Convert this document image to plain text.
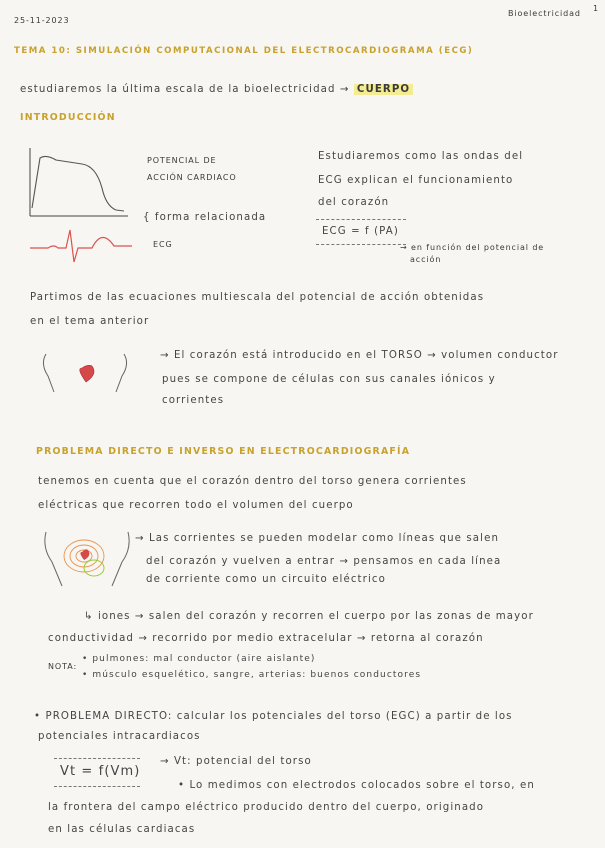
25-11-2023
Bioelectricidad
1
TEMA 10: SIMULACIÓN COMPUTACIONAL DEL ELECTROCARDIOGRAMA (ECG)
estudiaremos la última escala de la bioelectricidad → CUERPO
INTRODUCCIÓN
POTENCIAL DE
ACCIÓN CARDIACO
{ forma relacionada
ECG
Estudiaremos como las ondas del
ECG explican el funcionamiento
del corazón
ECG = f (PA)
→ en función del potencial de
acción
Partimos de las ecuaciones multiescala del potencial de acción obtenidas
en el tema anterior
→ El corazón está introducido en el TORSO → volumen conductor
pues se compone de células con sus canales iónicos y
corrientes
PROBLEMA DIRECTO E INVERSO EN ELECTROCARDIOGRAFÍA
tenemos en cuenta que el corazón dentro del torso genera corrientes
eléctricas que recorren todo el volumen del cuerpo
→ Las corrientes se pueden modelar como líneas que salen
del corazón y vuelven a entrar → pensamos en cada línea
de corriente como un circuito eléctrico
↳ iones → salen del corazón y recorren el cuerpo por las zonas de mayor
conductividad → recorrido por medio extracelular → retorna al corazón
NOTA:
• pulmones: mal conductor (aire aislante)
• músculo esquelético, sangre, arterias: buenos conductores
• PROBLEMA DIRECTO: calcular los potenciales del torso (EGC) a partir de los
potenciales intracardiacos
Vt = f(Vm)
→ Vt: potencial del torso
• Lo medimos con electrodos colocados sobre el torso, en
la frontera del campo eléctrico producido dentro del cuerpo, originado
en las células cardiacas
